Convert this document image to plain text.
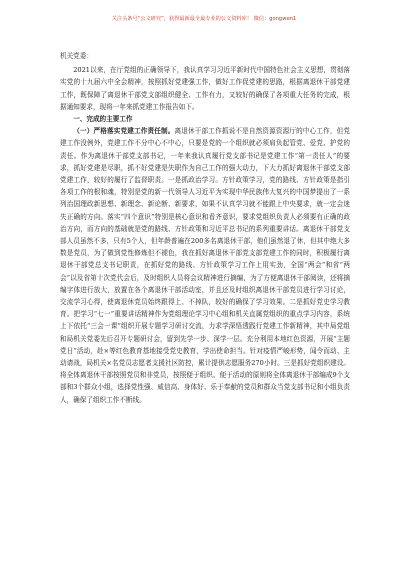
关注头条号“公文研究”，获得最新最全最专业的公文资料库！ 微信：gongwen1

机关党委：

2021以来，在厅党组的正确领导下，我认真学习习近平新时代中国特色社会主义思想，贯彻落实党的十九届六中全会精神，按照抓好党建强工作，做好工作促党建的思路，根据离退休干部党建工作，既保障了离退休干部党支部组织健全、工作有力，又较好的确保了各项重大任务的完成，根据通知要求，现将一年来抓党建工作报告如下。

一、完成的主要工作

（一）严格落实党建工作责任制。离退休干部工作抓说不是自然资源资源厅的中心工作，但党建工作没例外，党建工作不分中心不中心，只要是党的一个组织就必须肩负起管党、爱党、护党的责任。作为离退休干部党支部书记，一年来我认真履行党支部书记是党建工作“第一责任人”的要求，抓好党建是尽职，抓不好党建是失职作为自己工作的强大动力，下大力抓好离退休干部党支部党建工作，较好的履行了监督职责。一是抓政治学习。方针政策学习，党的路线、方针政策是指引各项工作的根和魂，特别是党的新一代领导人习近平为实现中华民族伟大复兴的中国梦提出了一系列治国理政新思想、新理念、新论断、新要求，如果不认真学习就不能跟上中央要求，就一定会迷失正确的方向。落实“四个意识”特别是核心意识和看齐意识，要求党组织负责人必须要有正确的政治方向，而方向的基础就是党的路线、方针政策和习近平总书记的系列重要讲话。离退休干部党支部人员虽然不多，只有5个人，但年龄普遍在200多名离退休干部，他们虽然退了休，但其中绝大多数是党员，为了做到党性修炼但不褪色，我在抓好离退休干部党支部党建工作的同时，积极履行离退休干部党总支书记职责，在抓好党的路线、方针政策学习工作上用实劲，全国“两会”和省“两会”以及省第十次党代会后，及时组织人员将会议精神进行摘编，为了方便离退休干部阅读，还将摘编字体进行放大，放置在各个离退休干部活动室，并且还及时组织离退休干部党员进行学习讨论，交流学习心得，使离退休党员始终跟得上、不掉队，较好的确保了学习效果。二是抓好党史学习教育。把学习“七一”重要讲话精神作为党组理论学习中心组和机关直属党组织的重点学习内容，系统上下依托“三会一课”组织开展专题学习研讨交流，力求学深悟透践行党建工作新精神，其中局党组和局机关党委先后召开专题研讨会，留到先学一步、深学一层。充分利用本地红色资源，开展“主题党日”活动，赴×等红色教育基地接受党史教育，学出使命担当。针对疫情严峻形势，闻令而动、主动请战，局机关×名党员志愿者支援社区防控，累计提供志愿服务270小时。三是抓好党组织建设。将全体离退休干部按照党员和非党员，按照便于组织、便于活动的原则将全体离退休干部编成9个支部和3个群众小组，选择党性强、威信高、身体好、乐于奉献的党员和群众当党支部书记和小组负责人，确保了组织工作不断线。
